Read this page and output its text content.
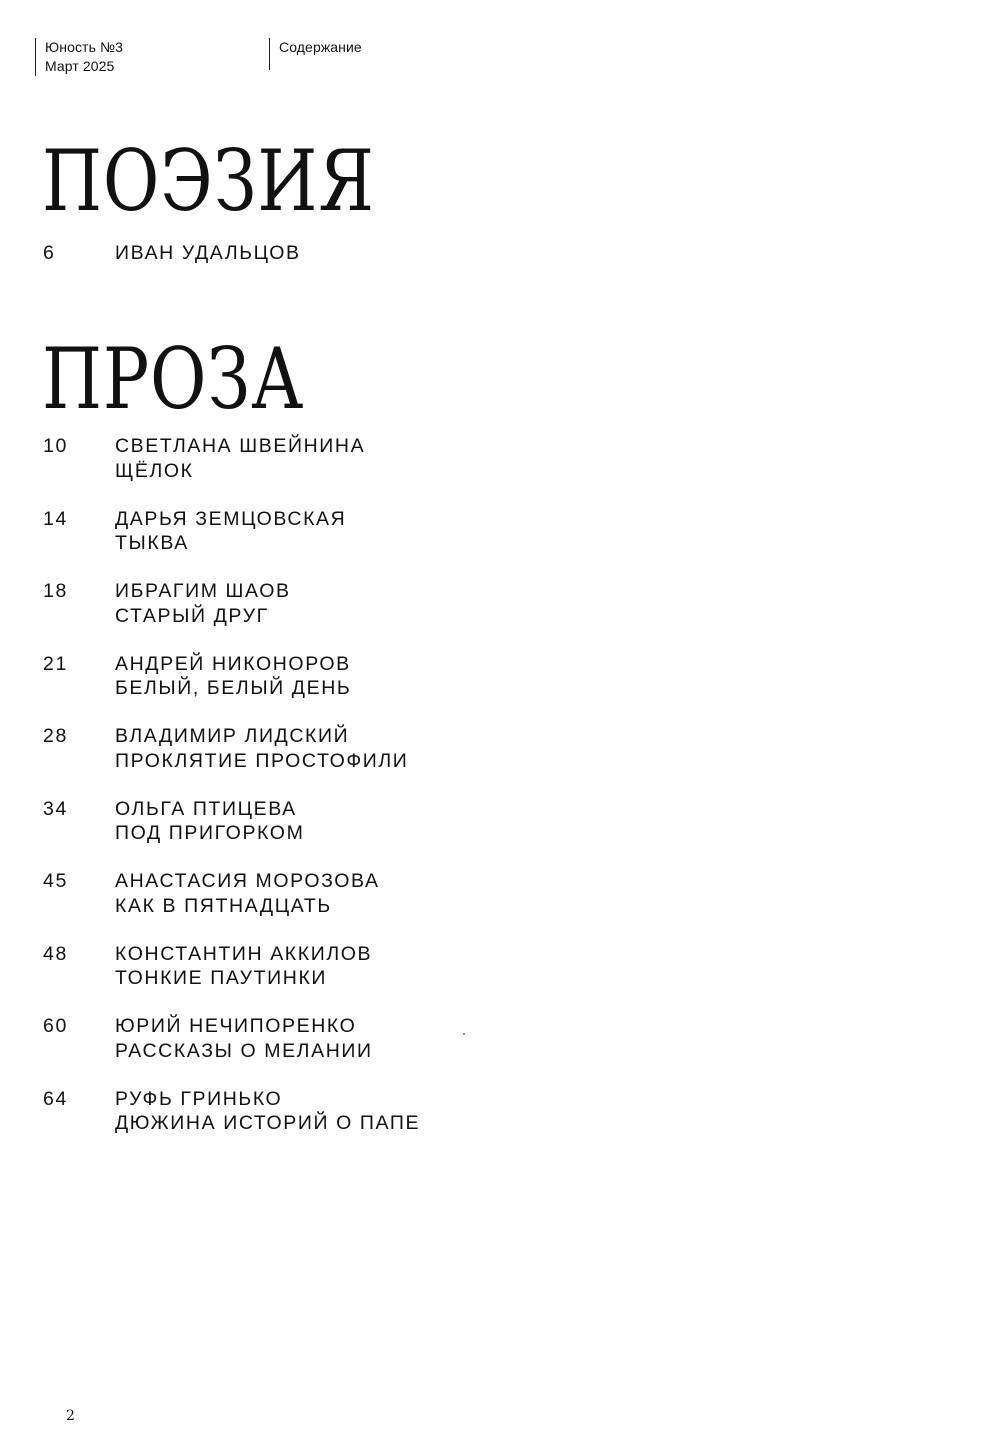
Юность №3
Март 2025
Содержание
ПОЭЗИЯ
6	ИВАН УДАЛЬЦОВ
ПРОЗА
10	СВЕТЛАНА ШВЕЙНИНА
ЩЁЛОК
14	ДАРЬЯ ЗЕМЦОВСКАЯ
ТЫКВА
18	ИБРАГИМ ШАОВ
СТАРЫЙ ДРУГ
21	АНДРЕЙ НИКОНОРОВ
БЕЛЫЙ, БЕЛЫЙ ДЕНЬ
28	ВЛАДИМИР ЛИДСКИЙ
ПРОКЛЯТИЕ ПРОСТОФИЛИ
34	ОЛЬГА ПТИЦЕВА
ПОД ПРИГОРКОМ
45	АНАСТАСИЯ МОРОЗОВА
КАК В ПЯТНАДЦАТЬ
48	КОНСТАНТИН АККИЛОВ
ТОНКИЕ ПАУТИНКИ
60	ЮРИЙ НЕЧИПОРЕНКО
РАССКАЗЫ О МЕЛАНИИ
64	РУФЬ ГРИНЬКО
ДЮЖИНА ИСТОРИЙ О ПАПЕ
2
